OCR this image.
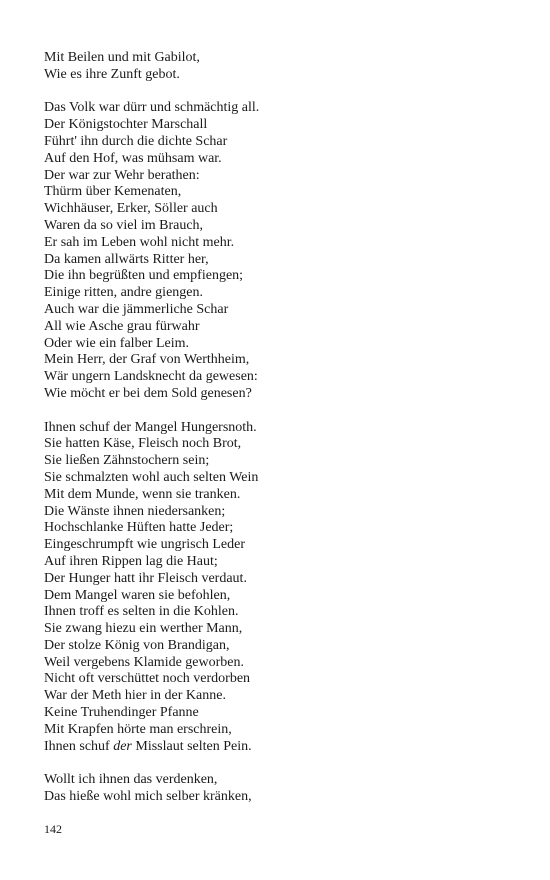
Mit Beilen und mit Gabilot,
Wie es ihre Zunft gebot.
Das Volk war dürr und schmächtig all.
Der Königstochter Marschall
Führt' ihn durch die dichte Schar
Auf den Hof, was mühsam war.
Der war zur Wehr berathen:
Thürm über Kemenaten,
Wichhäuser, Erker, Söller auch
Waren da so viel im Brauch,
Er sah im Leben wohl nicht mehr.
Da kamen allwärts Ritter her,
Die ihn begrüßten und empfiengen;
Einige ritten, andre giengen.
Auch war die jämmerliche Schar
All wie Asche grau fürwahr
Oder wie ein falber Leim.
Mein Herr, der Graf von Werthheim,
Wär ungern Landsknecht da gewesen:
Wie möcht er bei dem Sold genesen?
Ihnen schuf der Mangel Hungersnoth.
Sie hatten Käse, Fleisch noch Brot,
Sie ließen Zähnstochern sein;
Sie schmalzten wohl auch selten Wein
Mit dem Munde, wenn sie tranken.
Die Wänste ihnen niedersanken;
Hochschlanke Hüften hatte Jeder;
Eingeschrumpft wie ungrisch Leder
Auf ihren Rippen lag die Haut;
Der Hunger hatt ihr Fleisch verdaut.
Dem Mangel waren sie befohlen,
Ihnen troff es selten in die Kohlen.
Sie zwang hiezu ein werther Mann,
Der stolze König von Brandigan,
Weil vergebens Klamide geworben.
Nicht oft verschüttet noch verdorben
War der Meth hier in der Kanne.
Keine Truhendinger Pfanne
Mit Krapfen hörte man erschrein,
Ihnen schuf der Misslaut selten Pein.
Wollt ich ihnen das verdenken,
Das hieße wohl mich selber kränken,
142
